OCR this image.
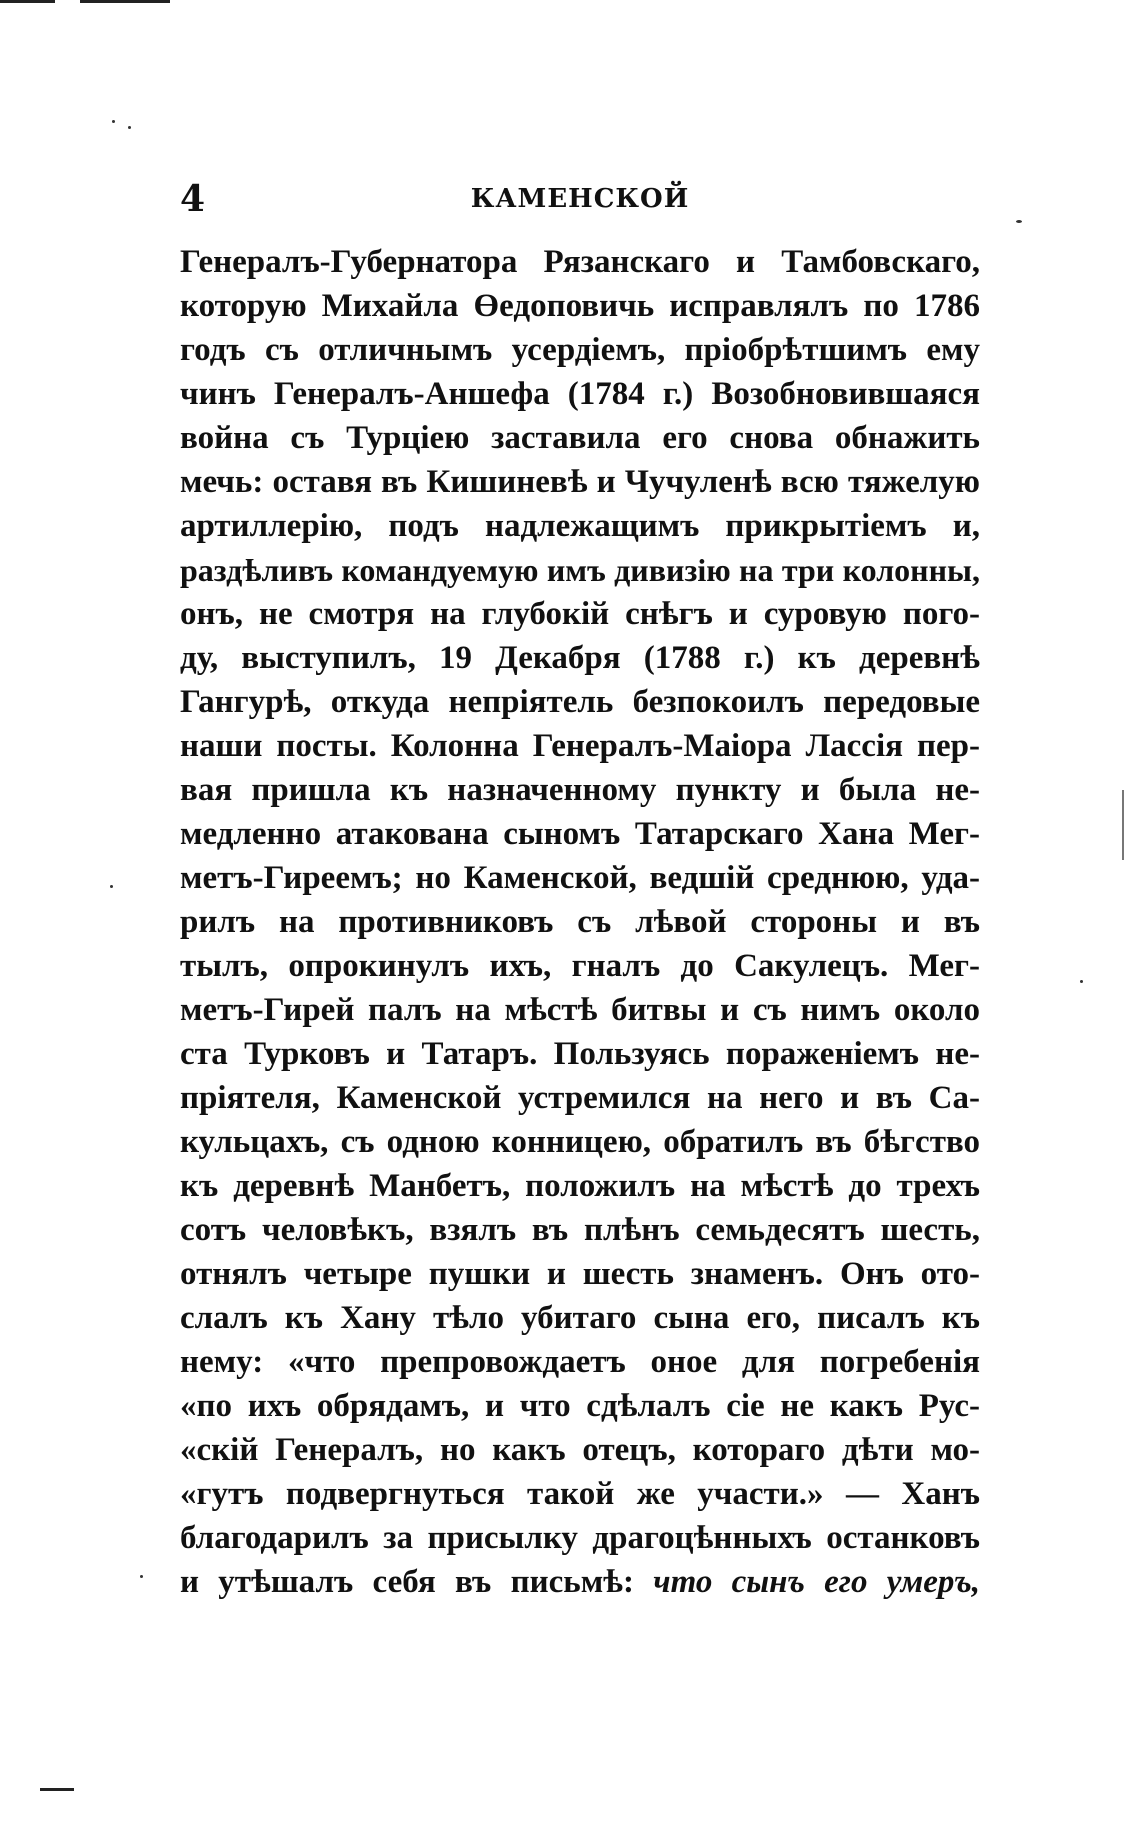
4	КАМЕНСКОЙ
Генералъ-Губернатора Рязанскаго и Тамбовскаго,
которую Михайла Өедоповичь исправлялъ по 1786
годъ съ отличнымъ усердіемъ, пріобрѣтшимъ ему
чинъ Генералъ-Аншефа (1784 г.) Возобновившаяся
война съ Турціею заставила его снова обнажить
мечь: оставя въ Кишиневѣ и Чучуленѣ всю тяжелую
артиллерію, подъ надлежащимъ прикрытіемъ и,
раздѣливъ командуемую имъ дивизію на три колонны,
онъ, не смотря на глубокій снѣгъ и суровую пого-
ду, выступилъ, 19 Декабря (1788 г.) къ деревнѣ
Гангурѣ, откуда непріятель безпокоилъ передовые
наши посты. Колонна Генералъ-Маіора Лассія пер-
вая пришла къ назначенному пункту и была не-
медленно атакована сыномъ Татарскаго Хана Мег-
метъ-Гиреемъ; но Каменской, ведшій среднюю, уда-
рилъ на противниковъ съ лѣвой стороны и въ
тылъ, опрокинулъ ихъ, гналъ до Сакулецъ. Мег-
метъ-Гирей палъ на мѣстѣ битвы и съ нимъ около
ста Турковъ и Татаръ. Пользуясь пораженіемъ не-
пріятеля, Каменской устремился на него и въ Са-
кульцахъ, съ одною конницею, обратилъ въ бѣгство
къ деревнѣ Манбетъ, положилъ на мѣстѣ до трехъ
сотъ человѣкъ, взялъ въ плѣнъ семьдесятъ шесть,
отнялъ четыре пушки и шесть знаменъ. Онъ ото-
слалъ къ Хану тѣло убитаго сына его, писалъ къ
нему: «что препровождаетъ оное для погребенія
«по ихъ обрядамъ, и что сдѣлалъ сіе не какъ Рус-
«скій Генералъ, но какъ отецъ, котораго дѣти мо-
«гутъ подвергнуться такой же участи.» — Ханъ
благодарилъ за присылку драгоцѣнныхъ останковъ
и утѣшалъ себя въ письмѣ: что сынъ его умеръ,
